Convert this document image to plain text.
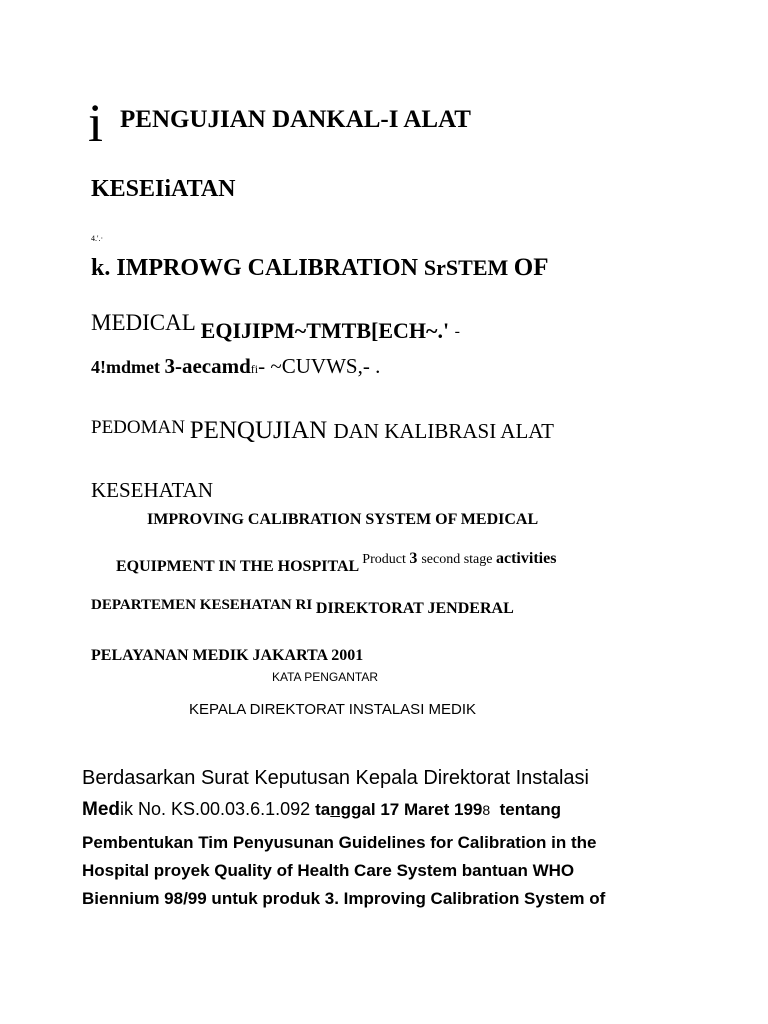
i PENGUJIAN DANKAL-I ALAT
KESEIiATAN
4.'.·
k. IMPROWG CALIBRATION SrSTEM OF
MEDICAL EQIJIPM~TMTB[ECH~.' -
4!mdmet 3-aecamdfi- ~CUVWS,- .
PEDOMAN PENQUJIAN DAN KALIBRASI ALAT
KESEHATAN
IMPROVING CALIBRATION SYSTEM OF MEDICAL
EQUIPMENT IN THE HOSPITAL Product 3 second stage activities
DEPARTEMEN KESEHATAN RI DIREKTORAT JENDERAL
PELAYANAN MEDIK JAKARTA 2001
KATA PENGANTAR
KEPALA DIREKTORAT INSTALASI MEDIK
Berdasarkan Surat Keputusan Kepala Direktorat Instalasi
Medik No. KS.00.03.6.1.092 tanggal 17 Maret 1998  tentang
Pembentukan Tim Penyusunan Guidelines for Calibration in the
Hospital proyek Quality of Health Care System bantuan WHO
Biennium 98/99 untuk produk 3. Improving Calibration System of
